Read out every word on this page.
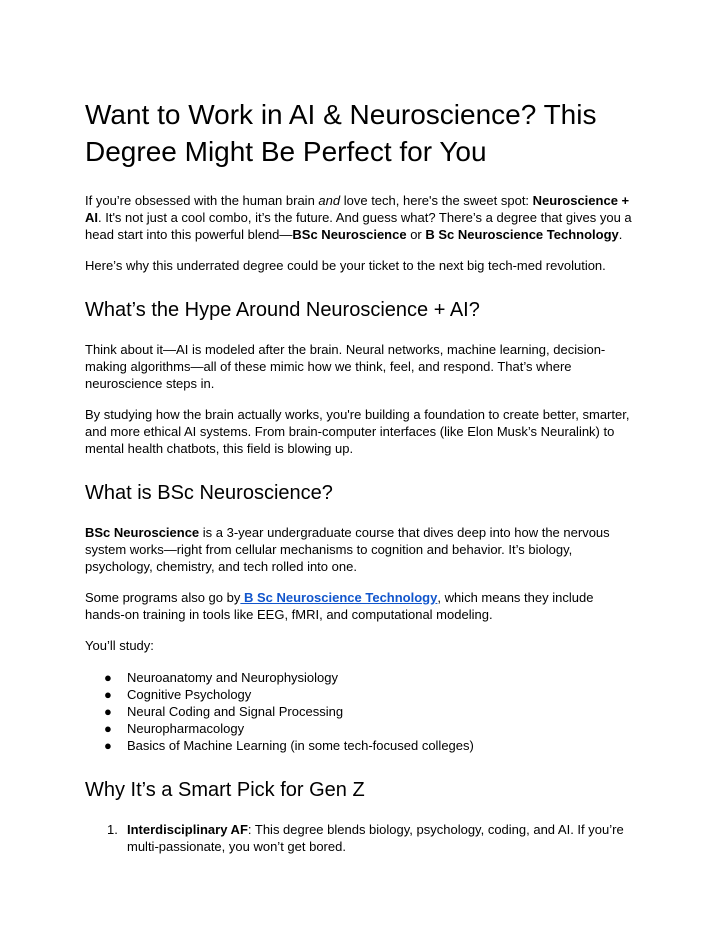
Want to Work in AI & Neuroscience? This Degree Might Be Perfect for You

If you’re obsessed with the human brain and love tech, here's the sweet spot: Neuroscience + AI. It's not just a cool combo, it’s the future. And guess what? There’s a degree that gives you a head start into this powerful blend—BSc Neuroscience or B Sc Neuroscience Technology.

Here’s why this underrated degree could be your ticket to the next big tech-med revolution.

What’s the Hype Around Neuroscience + AI?

Think about it—AI is modeled after the brain. Neural networks, machine learning, decision-making algorithms—all of these mimic how we think, feel, and respond. That’s where neuroscience steps in.

By studying how the brain actually works, you're building a foundation to create better, smarter, and more ethical AI systems. From brain-computer interfaces (like Elon Musk’s Neuralink) to mental health chatbots, this field is blowing up.

What is BSc Neuroscience?

BSc Neuroscience is a 3-year undergraduate course that dives deep into how the nervous system works—right from cellular mechanisms to cognition and behavior. It’s biology, psychology, chemistry, and tech rolled into one.

Some programs also go by B Sc Neuroscience Technology, which means they include hands-on training in tools like EEG, fMRI, and computational modeling.

You’ll study:

● Neuroanatomy and Neurophysiology
● Cognitive Psychology
● Neural Coding and Signal Processing
● Neuropharmacology
● Basics of Machine Learning (in some tech-focused colleges)
Why It’s a Smart Pick for Gen Z
1. Interdisciplinary AF: This degree blends biology, psychology, coding, and AI. If you’re multi-passionate, you won’t get bored.
